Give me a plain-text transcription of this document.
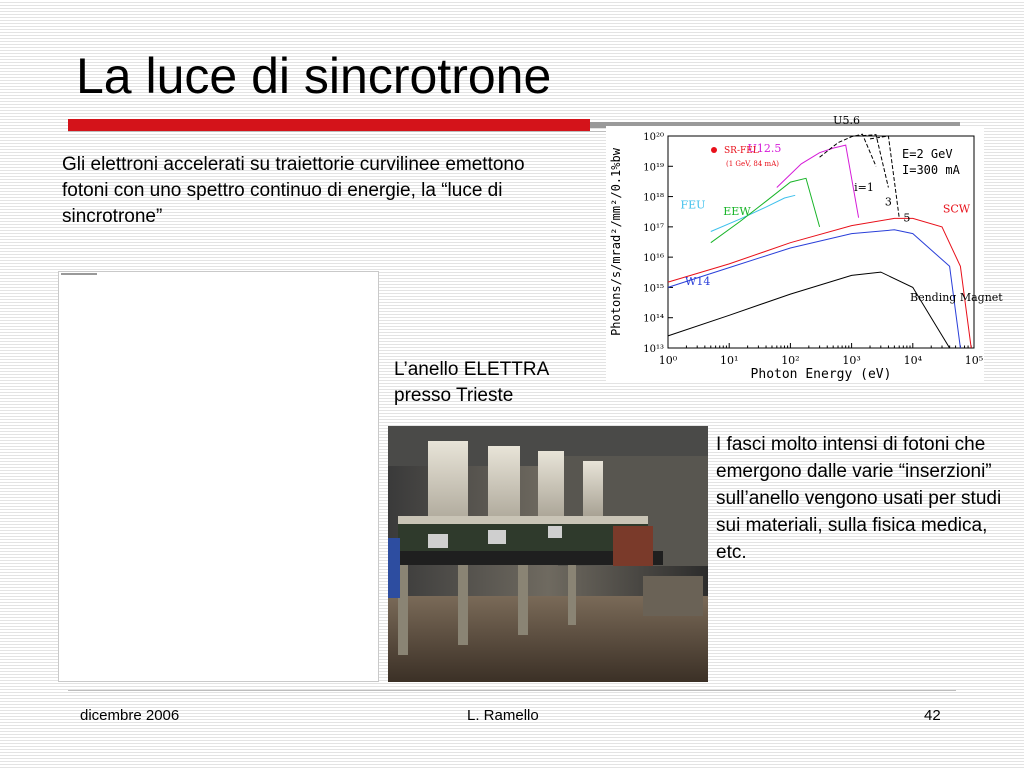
La luce di sincrotrone
Gli elettroni accelerati su traiettorie curvilinee emettono fotoni con uno spettro continuo di energie, la “luce di sincrotrone”
10⁰	10¹	10²	10³	10⁴	10⁵
10¹³
10¹⁴
10¹⁵
10¹⁶
10¹⁷
10¹⁸
10¹⁹
10²⁰
Photon Energy (eV)
Photons/s/mrad²/mm²/0.1%bw	Bending Magnet
W14
SCW
FEU EEW
U12.5
U5.6
i=1
3
5
SR-FEL
(1 GeV, 84 mA)
E=2 GeV
I=300 mA
L’anello ELETTRA presso Trieste
I fasci molto intensi di fotoni che emergono dalle varie “inserzioni” sull’anello vengono usati per studi sui materiali, sulla fisica medica, etc.
dicembre 2006	L. Ramello	42
